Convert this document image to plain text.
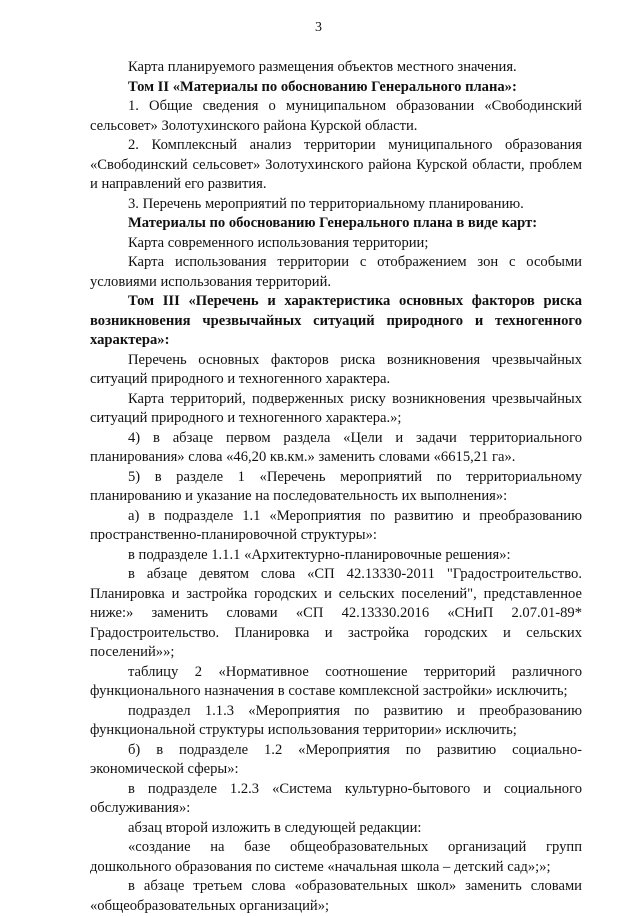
3

Карта планируемого размещения объектов местного значения.

Том II «Материалы по обоснованию Генерального плана»:

1. Общие сведения о муниципальном образовании «Свободинский сельсовет» Золотухинского района Курской области.

2. Комплексный анализ территории муниципального образования «Свободинский сельсовет» Золотухинского района Курской области, проблем и направлений его развития.

3. Перечень мероприятий по территориальному планированию.

Материалы по обоснованию Генерального плана в виде карт:

Карта современного использования территории;

Карта использования территории с отображением зон с особыми условиями использования территорий.

Том III «Перечень и характеристика основных факторов риска возникновения чрезвычайных ситуаций природного и техногенного характера»:

Перечень основных факторов риска возникновения чрезвычайных ситуаций природного и техногенного характера.

Карта территорий, подверженных риску возникновения чрезвычайных ситуаций природного и техногенного характера.»;

4) в абзаце первом раздела «Цели и задачи территориального планирования» слова «46,20 кв.км.» заменить словами «6615,21 га».

5) в разделе 1 «Перечень мероприятий по территориальному планированию и указание на последовательность их выполнения»:

а) в подразделе 1.1 «Мероприятия по развитию и преобразованию пространственно-планировочной структуры»:

в подразделе 1.1.1 «Архитектурно-планировочные решения»:

в абзаце девятом слова «СП 42.13330-2011 "Градостроительство. Планировка и застройка городских и сельских поселений", представленное ниже:» заменить словами «СП 42.13330.2016 «СНиП 2.07.01-89* Градостроительство. Планировка и застройка городских и сельских поселений»»;

таблицу 2 «Нормативное соотношение территорий различного функционального назначения в составе комплексной застройки» исключить;

подраздел 1.1.3 «Мероприятия по развитию и преобразованию функциональной структуры использования территории» исключить;

б) в подразделе 1.2 «Мероприятия по развитию социально-экономической сферы»:

в подразделе 1.2.3 «Система культурно-бытового и социального обслуживания»:

абзац второй изложить в следующей редакции:

«создание на базе общеобразовательных организаций групп дошкольного образования по системе «начальная школа – детский сад»;»;

в абзаце третьем слова «образовательных школ» заменить словами «общеобразовательных организаций»;
